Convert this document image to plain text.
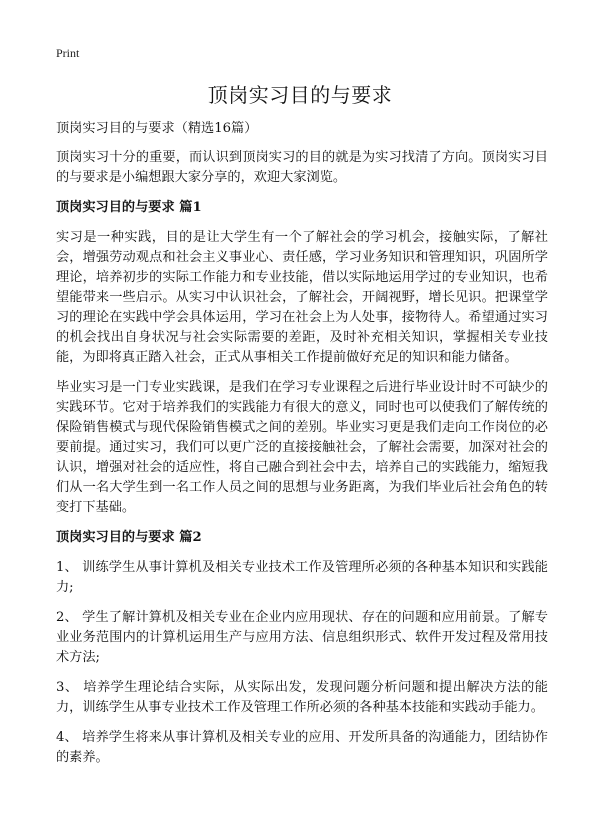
Print
顶岗实习目的与要求

顶岗实习目的与要求（精选16篇）

顶岗实习十分的重要，而认识到顶岗实习的目的就是为实习找清了方向。顶岗实习目的与要求是小编想跟大家分享的，欢迎大家浏览。

顶岗实习目的与要求 篇1

实习是一种实践，目的是让大学生有一个了解社会的学习机会，接触实际，了解社会，增强劳动观点和社会主义事业心、责任感，学习业务知识和管理知识，巩固所学理论，培养初步的实际工作能力和专业技能，借以实际地运用学过的专业知识，也希望能带来一些启示。从实习中认识社会，了解社会，开阔视野，增长见识。把课堂学习的理论在实践中学会具体运用，学习在社会上为人处事，接物待人。希望通过实习的机会找出自身状况与社会实际需要的差距，及时补充相关知识，掌握相关专业技能，为即将真正踏入社会，正式从事相关工作提前做好充足的知识和能力储备。

毕业实习是一门专业实践课，是我们在学习专业课程之后进行毕业设计时不可缺少的实践环节。它对于培养我们的实践能力有很大的意义，同时也可以使我们了解传统的保险销售模式与现代保险销售模式之间的差别。毕业实习更是我们走向工作岗位的必要前提。通过实习，我们可以更广泛的直接接触社会，了解社会需要，加深对社会的认识，增强对社会的适应性，将自己融合到社会中去，培养自己的实践能力，缩短我们从一名大学生到一名工作人员之间的思想与业务距离，为我们毕业后社会角色的转变打下基础。

顶岗实习目的与要求 篇2

1、 训练学生从事计算机及相关专业技术工作及管理所必须的各种基本知识和实践能力;

2、 学生了解计算机及相关专业在企业内应用现状、存在的问题和应用前景。了解专业业务范围内的计算机运用生产与应用方法、信息组织形式、软件开发过程及常用技术方法;

3、 培养学生理论结合实际，从实际出发，发现问题分析问题和提出解决方法的能力，训练学生从事专业技术工作及管理工作所必须的各种基本技能和实践动手能力。

4、 培养学生将来从事计算机及相关专业的应用、开发所具备的沟通能力，团结协作的素养。
